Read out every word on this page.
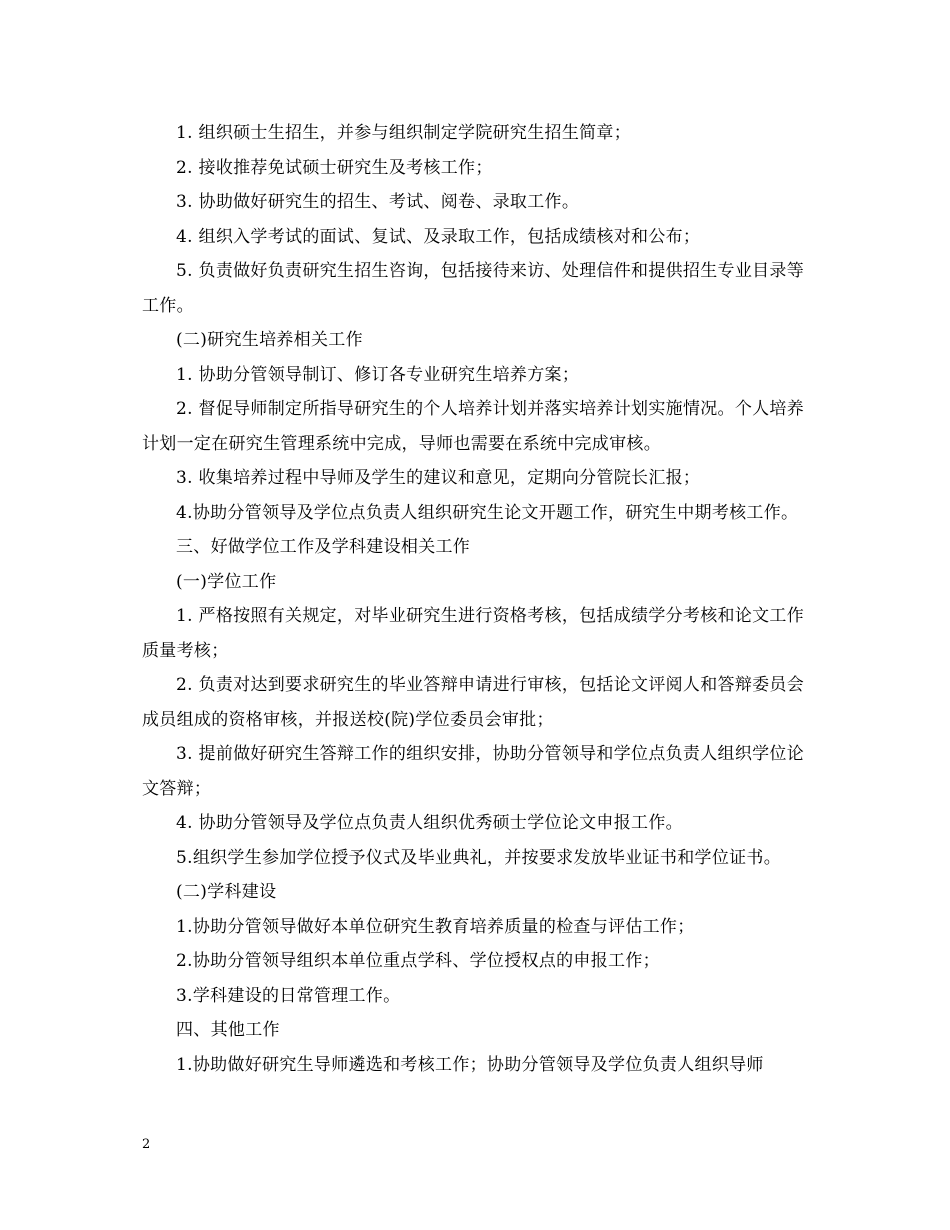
1. 组织硕士生招生，并参与组织制定学院研究生招生简章；

2. 接收推荐免试硕士研究生及考核工作；

3. 协助做好研究生的招生、考试、阅卷、录取工作。

4. 组织入学考试的面试、复试、及录取工作，包括成绩核对和公布；

5. 负责做好负责研究生招生咨询，包括接待来访、处理信件和提供招生专业目录等工作。

(二)研究生培养相关工作

1. 协助分管领导制订、修订各专业研究生培养方案；

2. 督促导师制定所指导研究生的个人培养计划并落实培养计划实施情况。个人培养计划一定在研究生管理系统中完成，导师也需要在系统中完成审核。

3. 收集培养过程中导师及学生的建议和意见，定期向分管院长汇报；

4.协助分管领导及学位点负责人组织研究生论文开题工作，研究生中期考核工作。

三、好做学位工作及学科建设相关工作

(一)学位工作

1. 严格按照有关规定，对毕业研究生进行资格考核，包括成绩学分考核和论文工作质量考核；

2. 负责对达到要求研究生的毕业答辩申请进行审核，包括论文评阅人和答辩委员会成员组成的资格审核，并报送校(院)学位委员会审批；

3. 提前做好研究生答辩工作的组织安排，协助分管领导和学位点负责人组织学位论文答辩；

4. 协助分管领导及学位点负责人组织优秀硕士学位论文申报工作。

5.组织学生参加学位授予仪式及毕业典礼，并按要求发放毕业证书和学位证书。

(二)学科建设

1.协助分管领导做好本单位研究生教育培养质量的检查与评估工作；

2.协助分管领导组织本单位重点学科、学位授权点的申报工作；

3.学科建设的日常管理工作。

四、其他工作

1.协助做好研究生导师遴选和考核工作；协助分管领导及学位负责人组织导师

2
